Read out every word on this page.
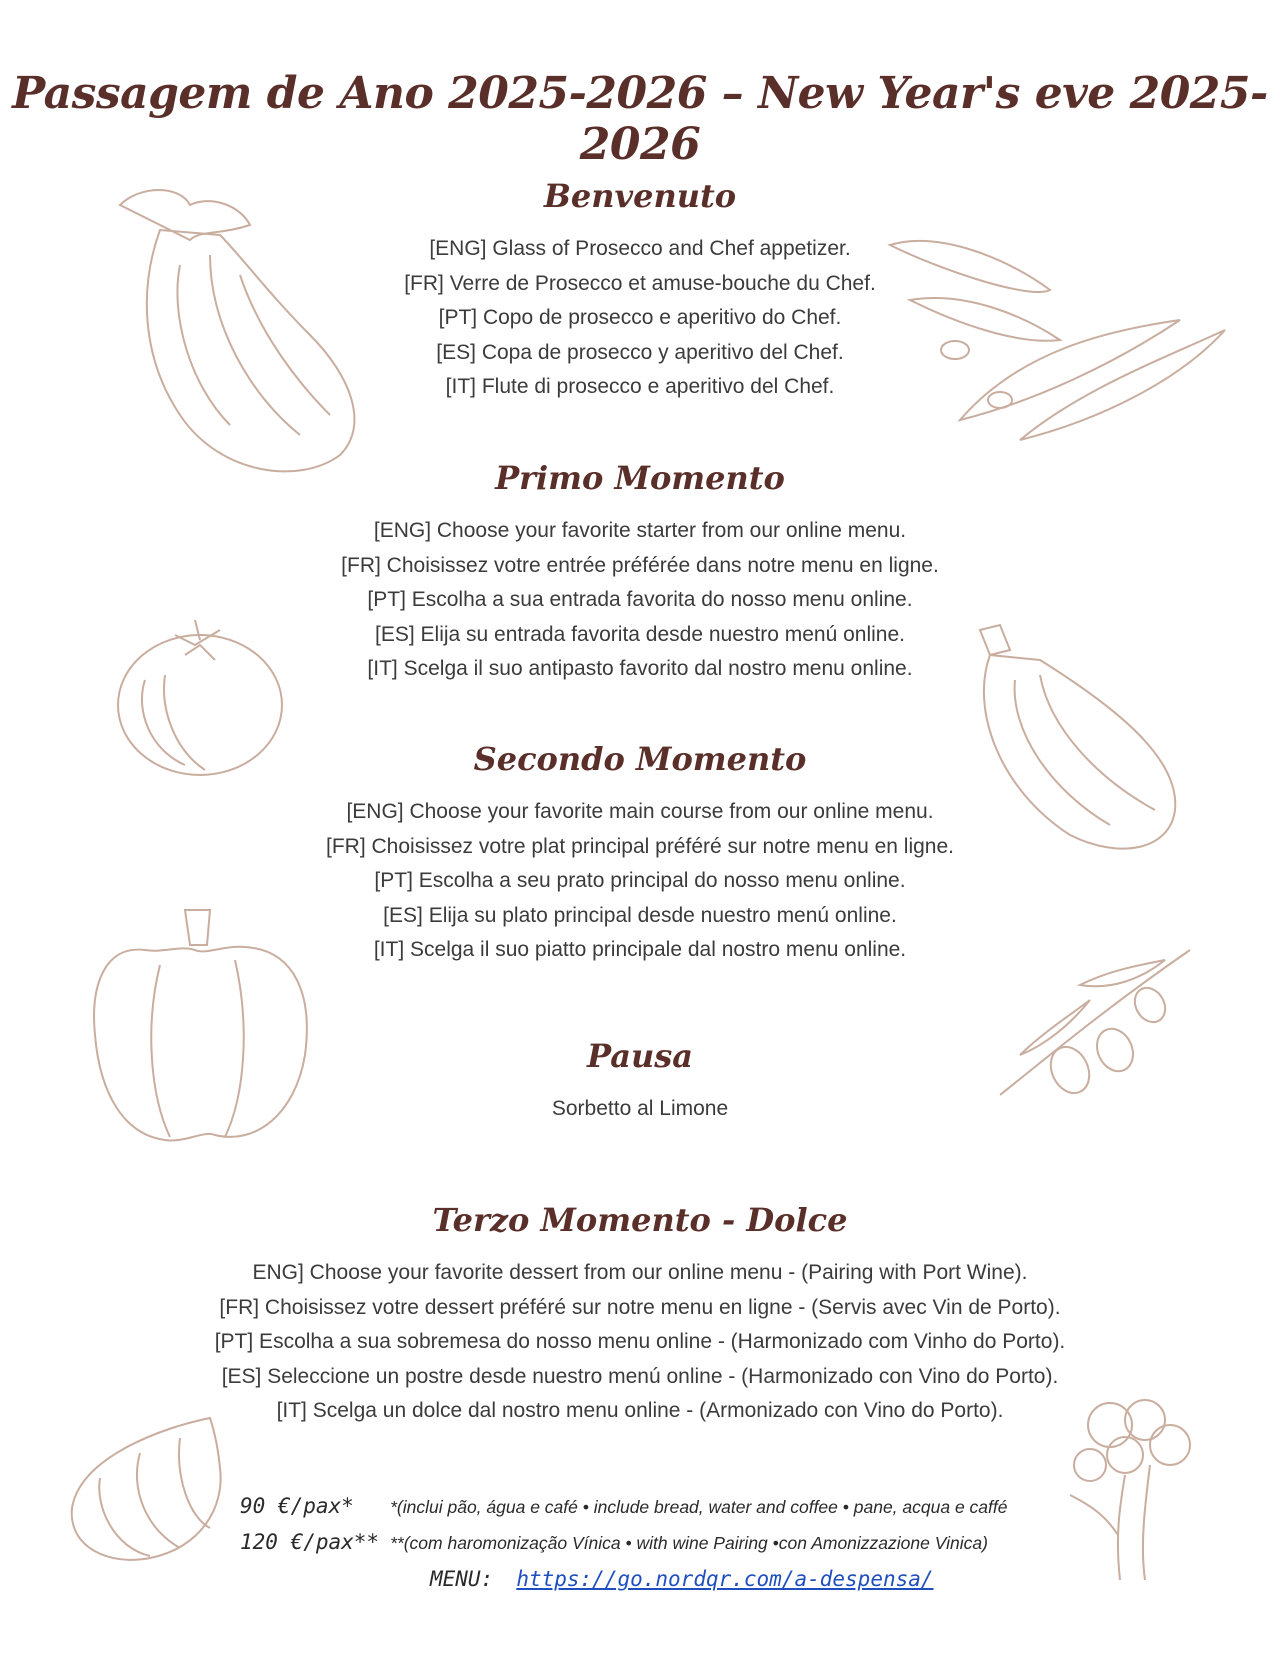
Passagem de Ano 2025-2026 – New Year's eve 2025-2026
Benvenuto
[ENG] Glass of Prosecco and Chef appetizer.
[FR] Verre de Prosecco et amuse-bouche du Chef.
[PT] Copo de prosecco e aperitivo do Chef.
[ES] Copa de prosecco y aperitivo del Chef.
[IT] Flute di prosecco e aperitivo del Chef.
Primo Momento
[ENG] Choose your favorite starter from our online menu.
[FR] Choisissez votre entrée préférée dans notre menu en ligne.
[PT] Escolha a sua entrada favorita do nosso menu online.
[ES] Elija su entrada favorita desde nuestro menú online.
[IT] Scelga il suo antipasto favorito dal nostro menu online.
Secondo Momento
[ENG] Choose your favorite main course from our online menu.
[FR] Choisissez votre plat principal préféré sur notre menu en ligne.
[PT] Escolha a seu prato principal do nosso menu online.
[ES] Elija su plato principal desde nuestro menú online.
[IT] Scelga il suo piatto principale dal nostro menu online.
Pausa
Sorbetto al Limone
Terzo Momento - Dolce
ENG] Choose your favorite dessert from our online menu - (Pairing with Port Wine).
[FR] Choisissez votre dessert préféré sur notre menu en ligne - (Servis avec Vin de Porto).
[PT] Escolha a sua sobremesa do nosso menu online - (Harmonizado com Vinho do Porto).
[ES] Seleccione un postre desde nuestro menú online - (Harmonizado con Vino do Porto).
[IT] Scelga un dolce dal nostro menu online - (Armonizado con Vino do Porto).
90 €/pax* *(inclui pão, água e café • include bread, water and coffee • pane, acqua e caffé
120 €/pax** **(com haromonização Vínica • with wine Pairing •con Amonizzazione Vinica)
MENU: https://go.nordqr.com/a-despensa/
